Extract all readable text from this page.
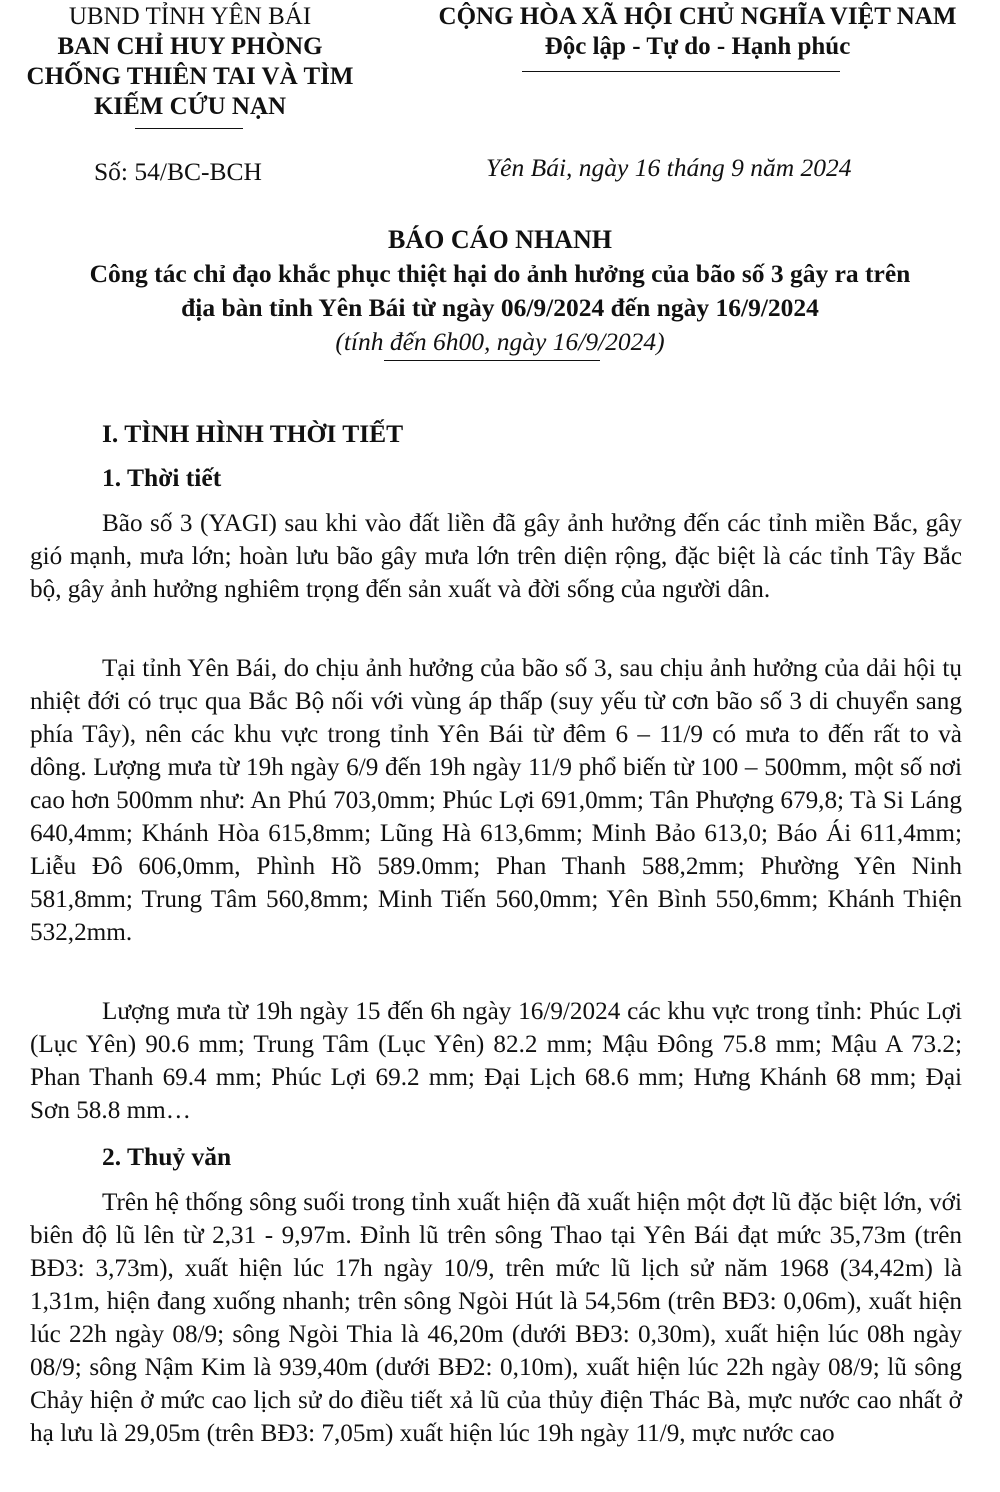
UBND TỈNH YÊN BÁI
BAN CHỈ HUY PHÒNG
CHỐNG THIÊN TAI VÀ TÌM
KIẾM CỨU NẠN
CỘNG HÒA XÃ HỘI CHỦ NGHĨA VIỆT NAM
Độc lập - Tự do - Hạnh phúc
Số: 54/BC-BCH	Yên Bái, ngày 16 tháng 9 năm 2024
BÁO CÁO NHANH
Công tác chỉ đạo khắc phục thiệt hại do ảnh hưởng của bão số 3 gây ra trên
địa bàn tỉnh Yên Bái từ ngày 06/9/2024 đến ngày 16/9/2024
(tính đến 6h00, ngày 16/9/2024)
I. TÌNH HÌNH THỜI TIẾT
1. Thời tiết

Bão số 3 (YAGI) sau khi vào đất liền đã gây ảnh hưởng đến các tỉnh miền Bắc, gây gió mạnh, mưa lớn; hoàn lưu bão gây mưa lớn trên diện rộng, đặc biệt là các tỉnh Tây Bắc bộ, gây ảnh hưởng nghiêm trọng đến sản xuất và đời sống của người dân.

Tại tỉnh Yên Bái, do chịu ảnh hưởng của bão số 3, sau chịu ảnh hưởng của dải hội tụ nhiệt đới có trục qua Bắc Bộ nối với vùng áp thấp (suy yếu từ cơn bão số 3 di chuyển sang phía Tây), nên các khu vực trong tỉnh Yên Bái từ đêm 6 – 11/9 có mưa to đến rất to và dông. Lượng mưa từ 19h ngày 6/9 đến 19h ngày 11/9 phổ biến từ 100 – 500mm, một số nơi cao hơn 500mm như: An Phú 703,0mm; Phúc Lợi 691,0mm; Tân Phượng 679,8; Tà Si Láng 640,4mm; Khánh Hòa 615,8mm; Lũng Hà 613,6mm; Minh Bảo 613,0; Báo Ái 611,4mm; Liễu Đô 606,0mm, Phình Hồ 589.0mm; Phan Thanh 588,2mm; Phường Yên Ninh 581,8mm; Trung Tâm 560,8mm; Minh Tiến 560,0mm; Yên Bình 550,6mm; Khánh Thiện 532,2mm.

Lượng mưa từ 19h ngày 15 đến 6h ngày 16/9/2024 các khu vực trong tỉnh: Phúc Lợi (Lục Yên) 90.6 mm; Trung Tâm (Lục Yên) 82.2 mm; Mậu Đông 75.8 mm; Mậu A 73.2; Phan Thanh 69.4 mm; Phúc Lợi 69.2 mm; Đại Lịch 68.6 mm; Hưng Khánh 68 mm; Đại Sơn 58.8 mm…

2. Thuỷ văn

Trên hệ thống sông suối trong tỉnh xuất hiện đã xuất hiện một đợt lũ đặc biệt lớn, với biên độ lũ lên từ 2,31 - 9,97m. Đỉnh lũ trên sông Thao tại Yên Bái đạt mức 35,73m (trên BĐ3: 3,73m), xuất hiện lúc 17h ngày 10/9, trên mức lũ lịch sử năm 1968 (34,42m) là 1,31m, hiện đang xuống nhanh; trên sông Ngòi Hút là 54,56m (trên BĐ3: 0,06m), xuất hiện lúc 22h ngày 08/9; sông Ngòi Thia là 46,20m (dưới BĐ3: 0,30m), xuất hiện lúc 08h ngày 08/9; sông Nậm Kim là 939,40m (dưới BĐ2: 0,10m), xuất hiện lúc 22h ngày 08/9; lũ sông Chảy hiện ở mức cao lịch sử do điều tiết xả lũ của thủy điện Thác Bà, mực nước cao nhất ở hạ lưu là 29,05m (trên BĐ3: 7,05m) xuất hiện lúc 19h ngày 11/9, mực nước cao
